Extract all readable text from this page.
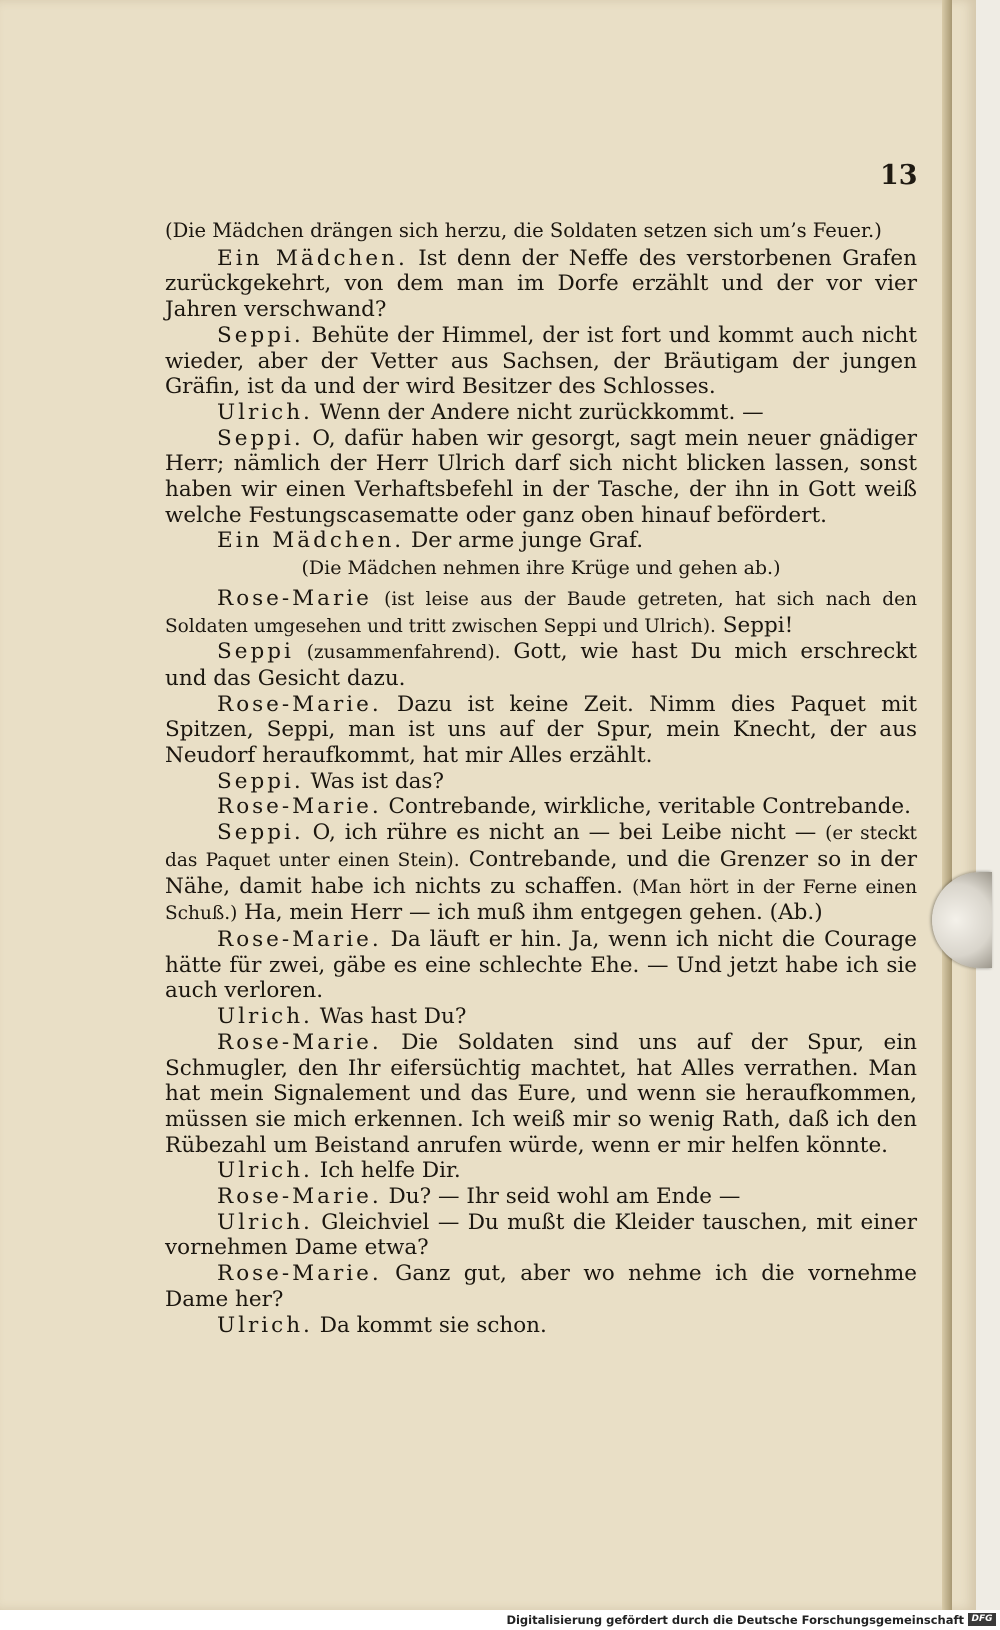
13

(Die Mädchen drängen sich herzu, die Soldaten setzen sich um’s Feuer.)

Ein Mädchen. Ist denn der Neffe des verstorbenen Grafen zurückgekehrt, von dem man im Dorfe erzählt und der vor vier Jahren verschwand?

Seppi. Behüte der Himmel, der ist fort und kommt auch nicht wieder, aber der Vetter aus Sachsen, der Bräutigam der jungen Gräfin, ist da und der wird Besitzer des Schlosses.

Ulrich. Wenn der Andere nicht zurückkommt. —

Seppi. O, dafür haben wir gesorgt, sagt mein neuer gnädiger Herr; nämlich der Herr Ulrich darf sich nicht blicken lassen, sonst haben wir einen Verhaftsbefehl in der Tasche, der ihn in Gott weiß welche Festungscasematte oder ganz oben hinauf befördert.

Ein Mädchen. Der arme junge Graf.

(Die Mädchen nehmen ihre Krüge und gehen ab.)

Rose-Marie (ist leise aus der Baude getreten, hat sich nach den Soldaten umgesehen und tritt zwischen Seppi und Ulrich). Seppi!

Seppi (zusammenfahrend). Gott, wie hast Du mich erschreckt und das Gesicht dazu.

Rose-Marie. Dazu ist keine Zeit. Nimm dies Paquet mit Spitzen, Seppi, man ist uns auf der Spur, mein Knecht, der aus Neudorf heraufkommt, hat mir Alles erzählt.

Seppi. Was ist das?

Rose-Marie. Contrebande, wirkliche, veritable Contrebande.

Seppi. O, ich rühre es nicht an — bei Leibe nicht — (er steckt das Paquet unter einen Stein). Contrebande, und die Grenzer so in der Nähe, damit habe ich nichts zu schaffen. (Man hört in der Ferne einen Schuß.) Ha, mein Herr — ich muß ihm entgegen gehen. (Ab.)

Rose-Marie. Da läuft er hin. Ja, wenn ich nicht die Courage hätte für zwei, gäbe es eine schlechte Ehe. — Und jetzt habe ich sie auch verloren.

Ulrich. Was hast Du?

Rose-Marie. Die Soldaten sind uns auf der Spur, ein Schmugler, den Ihr eifersüchtig machtet, hat Alles verrathen. Man hat mein Signalement und das Eure, und wenn sie heraufkommen, müssen sie mich erkennen. Ich weiß mir so wenig Rath, daß ich den Rübezahl um Beistand anrufen würde, wenn er mir helfen könnte.

Ulrich. Ich helfe Dir.

Rose-Marie. Du? — Ihr seid wohl am Ende —

Ulrich. Gleichviel — Du mußt die Kleider tauschen, mit einer vornehmen Dame etwa?

Rose-Marie. Ganz gut, aber wo nehme ich die vornehme Dame her?

Ulrich. Da kommt sie schon.

Digitalisierung gefördert durch die Deutsche Forschungsgemeinschaft DFG
